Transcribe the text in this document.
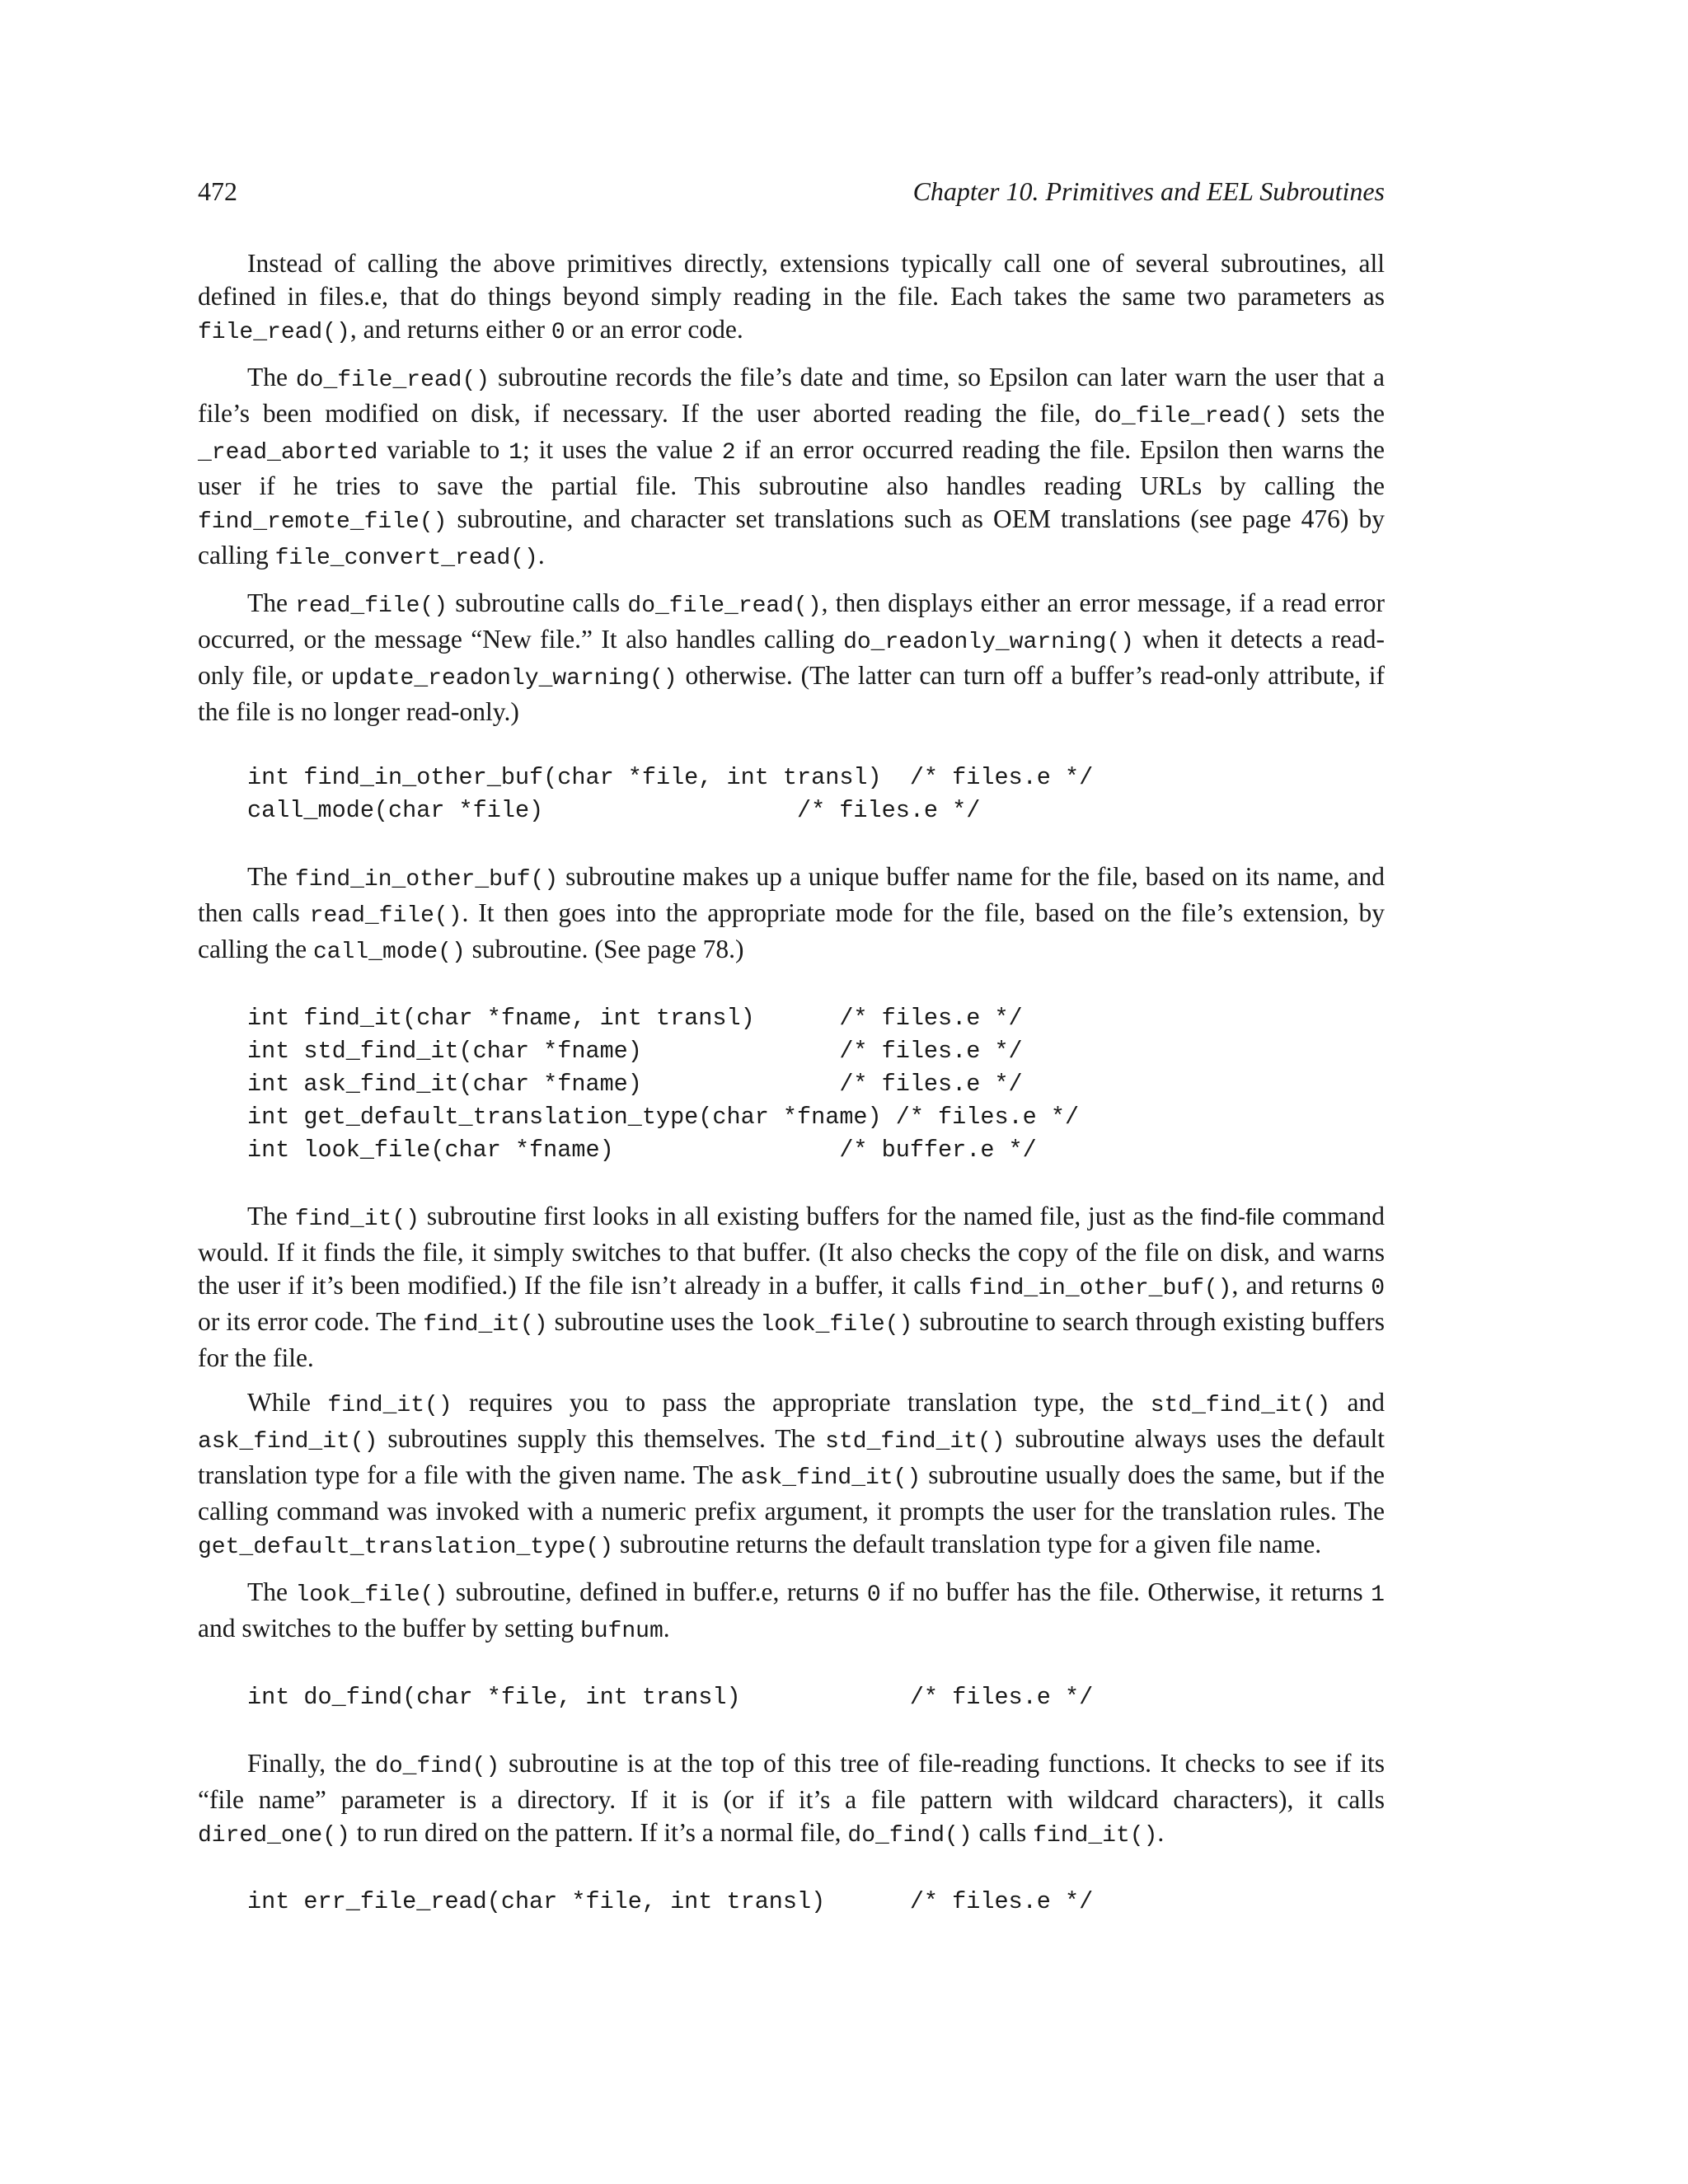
472	Chapter 10. Primitives and EEL Subroutines

Instead of calling the above primitives directly, extensions typically call one of several subroutines, all defined in files.e, that do things beyond simply reading in the file. Each takes the same two parameters as file_read(), and returns either 0 or an error code.

The do_file_read() subroutine records the file’s date and time, so Epsilon can later warn the user that a file’s been modified on disk, if necessary. If the user aborted reading the file, do_file_read() sets the _read_aborted variable to 1; it uses the value 2 if an error occurred reading the file. Epsilon then warns the user if he tries to save the partial file. This subroutine also handles reading URLs by calling the find_remote_file() subroutine, and character set translations such as OEM translations (see page 476) by calling file_convert_read().

The read_file() subroutine calls do_file_read(), then displays either an error message, if a read error occurred, or the message “New file.” It also handles calling do_readonly_warning() when it detects a read-only file, or update_readonly_warning() otherwise. (The latter can turn off a buffer’s read-only attribute, if the file is no longer read-only.)

int find_in_other_buf(char *file, int transl)  /* files.e */
call_mode(char *file)                  /* files.e */

The find_in_other_buf() subroutine makes up a unique buffer name for the file, based on its name, and then calls read_file(). It then goes into the appropriate mode for the file, based on the file’s extension, by calling the call_mode() subroutine. (See page 78.)

int find_it(char *fname, int transl)      /* files.e */
int std_find_it(char *fname)              /* files.e */
int ask_find_it(char *fname)              /* files.e */
int get_default_translation_type(char *fname) /* files.e */
int look_file(char *fname)                /* buffer.e */

The find_it() subroutine first looks in all existing buffers for the named file, just as the find-file command would. If it finds the file, it simply switches to that buffer. (It also checks the copy of the file on disk, and warns the user if it’s been modified.) If the file isn’t already in a buffer, it calls find_in_other_buf(), and returns 0 or its error code. The find_it() subroutine uses the look_file() subroutine to search through existing buffers for the file.

While find_it() requires you to pass the appropriate translation type, the std_find_it() and ask_find_it() subroutines supply this themselves. The std_find_it() subroutine always uses the default translation type for a file with the given name. The ask_find_it() subroutine usually does the same, but if the calling command was invoked with a numeric prefix argument, it prompts the user for the translation rules. The get_default_translation_type() subroutine returns the default translation type for a given file name.

The look_file() subroutine, defined in buffer.e, returns 0 if no buffer has the file. Otherwise, it returns 1 and switches to the buffer by setting bufnum.

int do_find(char *file, int transl)            /* files.e */

Finally, the do_find() subroutine is at the top of this tree of file-reading functions. It checks to see if its “file name” parameter is a directory. If it is (or if it’s a file pattern with wildcard characters), it calls dired_one() to run dired on the pattern. If it’s a normal file, do_find() calls find_it().

int err_file_read(char *file, int transl)      /* files.e */
